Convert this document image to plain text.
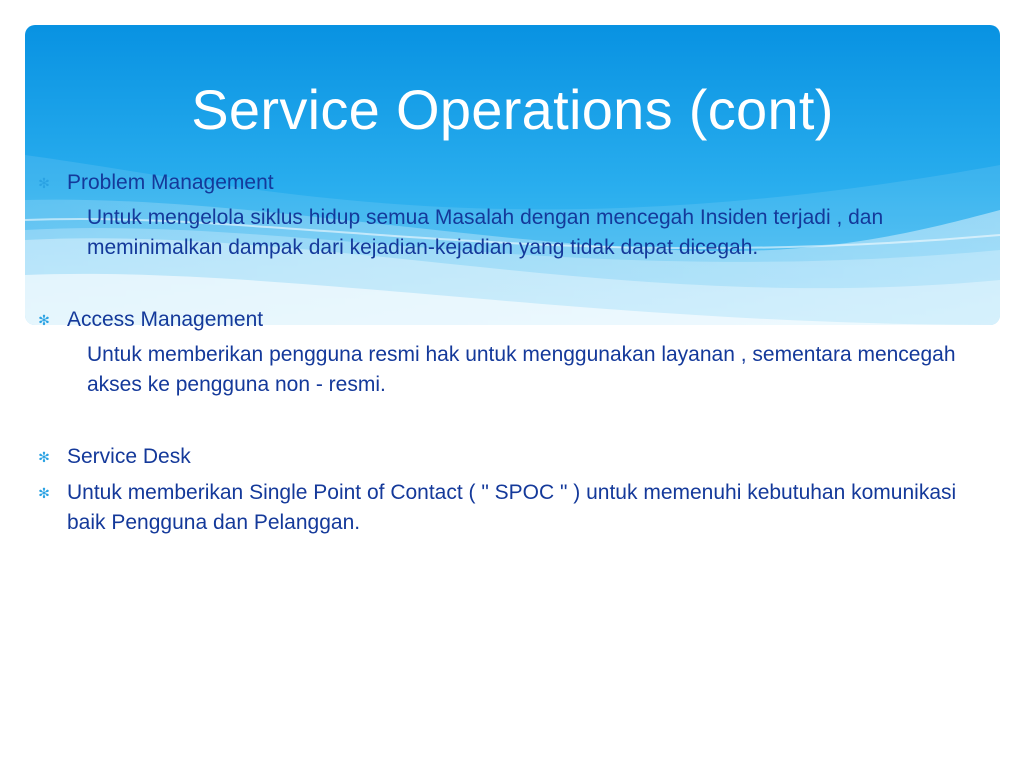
Service Operations (cont)
✻ Problem Management
Untuk mengelola siklus hidup semua Masalah dengan mencegah Insiden terjadi , dan meminimalkan dampak dari kejadian-kejadian yang tidak dapat dicegah.
✻ Access Management
Untuk memberikan pengguna resmi hak untuk menggunakan layanan , sementara mencegah akses ke pengguna non - resmi.
✻ Service Desk
✻ Untuk memberikan Single Point of Contact ( " SPOC " ) untuk memenuhi kebutuhan komunikasi baik Pengguna dan Pelanggan.
